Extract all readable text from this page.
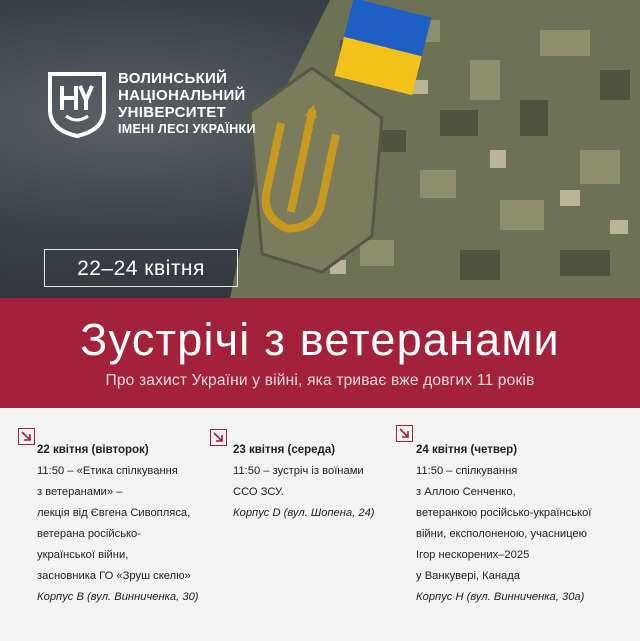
ВОЛИНСЬКИЙ
НАЦІОНАЛЬНИЙ
УНІВЕРСИТЕТ
ІМЕНІ ЛЕСІ УКРАЇНКИ
22–24 квітня
Зустрічі з ветеранами
Про захист України у війні, яка триває вже довгих 11 років
22 квітня (вівторок)
11:50 – «Етика спілкування
з ветеранами» –
лекція від Євгена Сивопляса,
ветерана російсько-
української війни,
засновника ГО «Зруш скелю»
Корпус В (вул. Винниченка, 30)
23 квітня (середа)
11:50 – зустріч із воїнами
ССО ЗСУ.
Корпус D (вул. Шопена, 24)
24 квітня (четвер)
11:50 – спілкування
з Аллою Сенченко,
ветеранкою російсько-української
війни, експолоненою, учасницею
Ігор нескорених–2025
у Ванкувері, Канада
Корпус Н (вул. Винниченка, 30а)
